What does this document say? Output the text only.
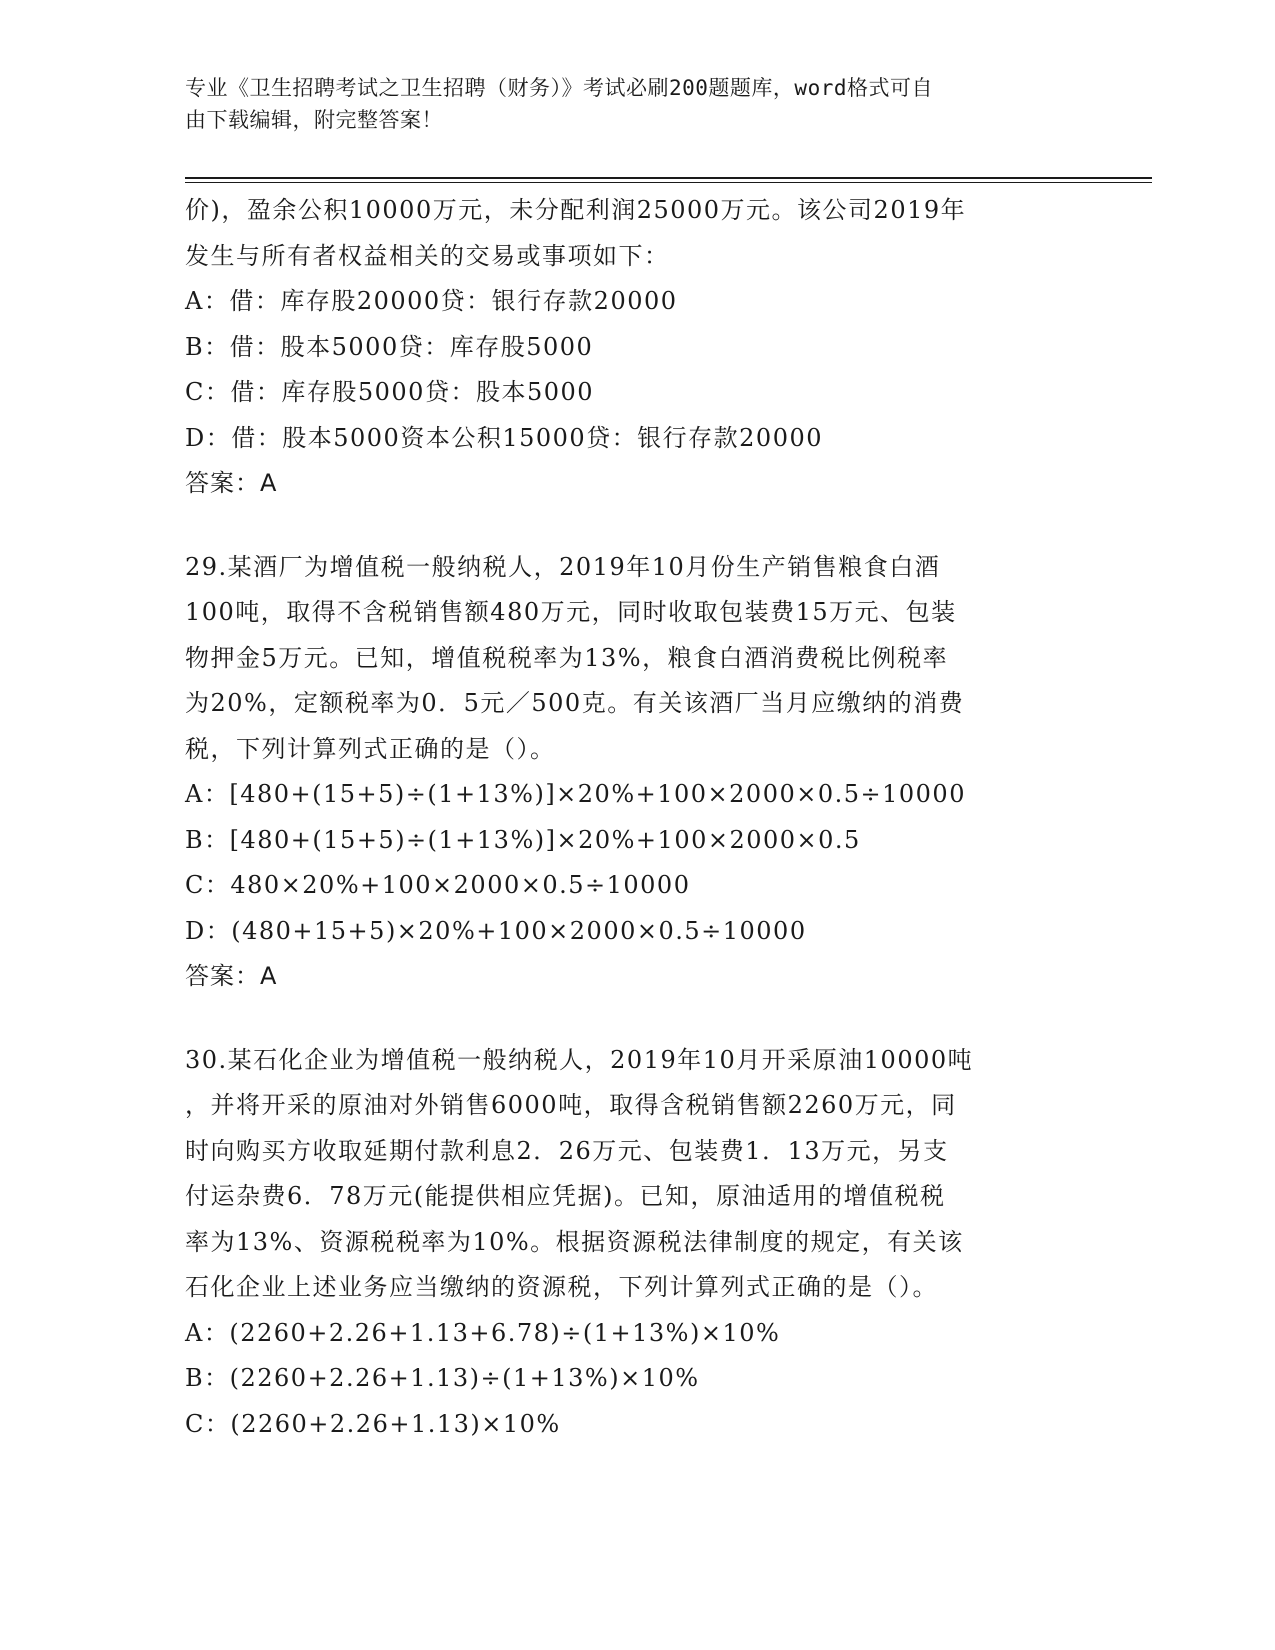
专业《卫生招聘考试之卫生招聘（财务）》考试必刷200题题库，word格式可自
由下载编辑，附完整答案！

价)，盈余公积10000万元，未分配利润25000万元。该公司2019年

发生与所有者权益相关的交易或事项如下：

A：借：库存股20000贷：银行存款20000

B：借：股本5000贷：库存股5000

C：借：库存股5000贷：股本5000

D：借：股本5000资本公积15000贷：银行存款20000

答案：A

29.某酒厂为增值税一般纳税人，2019年10月份生产销售粮食白酒

100吨，取得不含税销售额480万元，同时收取包装费15万元、包装

物押金5万元。已知，增值税税率为13%，粮食白酒消费税比例税率

为20%，定额税率为0．5元／500克。有关该酒厂当月应缴纳的消费

税，下列计算列式正确的是（）。

A：[480+(15+5)÷(1+13%)]×20%+100×2000×0.5÷10000

B：[480+(15+5)÷(1+13%)]×20%+100×2000×0.5

C：480×20%+100×2000×0.5÷10000

D：(480+15+5)×20%+100×2000×0.5÷10000

答案：A

30.某石化企业为增值税一般纳税人，2019年10月开采原油10000吨

，并将开采的原油对外销售6000吨，取得含税销售额2260万元，同

时向购买方收取延期付款利息2．26万元、包装费1．13万元，另支

付运杂费6．78万元(能提供相应凭据)。已知，原油适用的增值税税

率为13%、资源税税率为10%。根据资源税法律制度的规定，有关该

石化企业上述业务应当缴纳的资源税，下列计算列式正确的是（）。

A：(2260+2.26+1.13+6.78)÷(1+13%)×10%

B：(2260+2.26+1.13)÷(1+13%)×10%

C：(2260+2.26+1.13)×10%
